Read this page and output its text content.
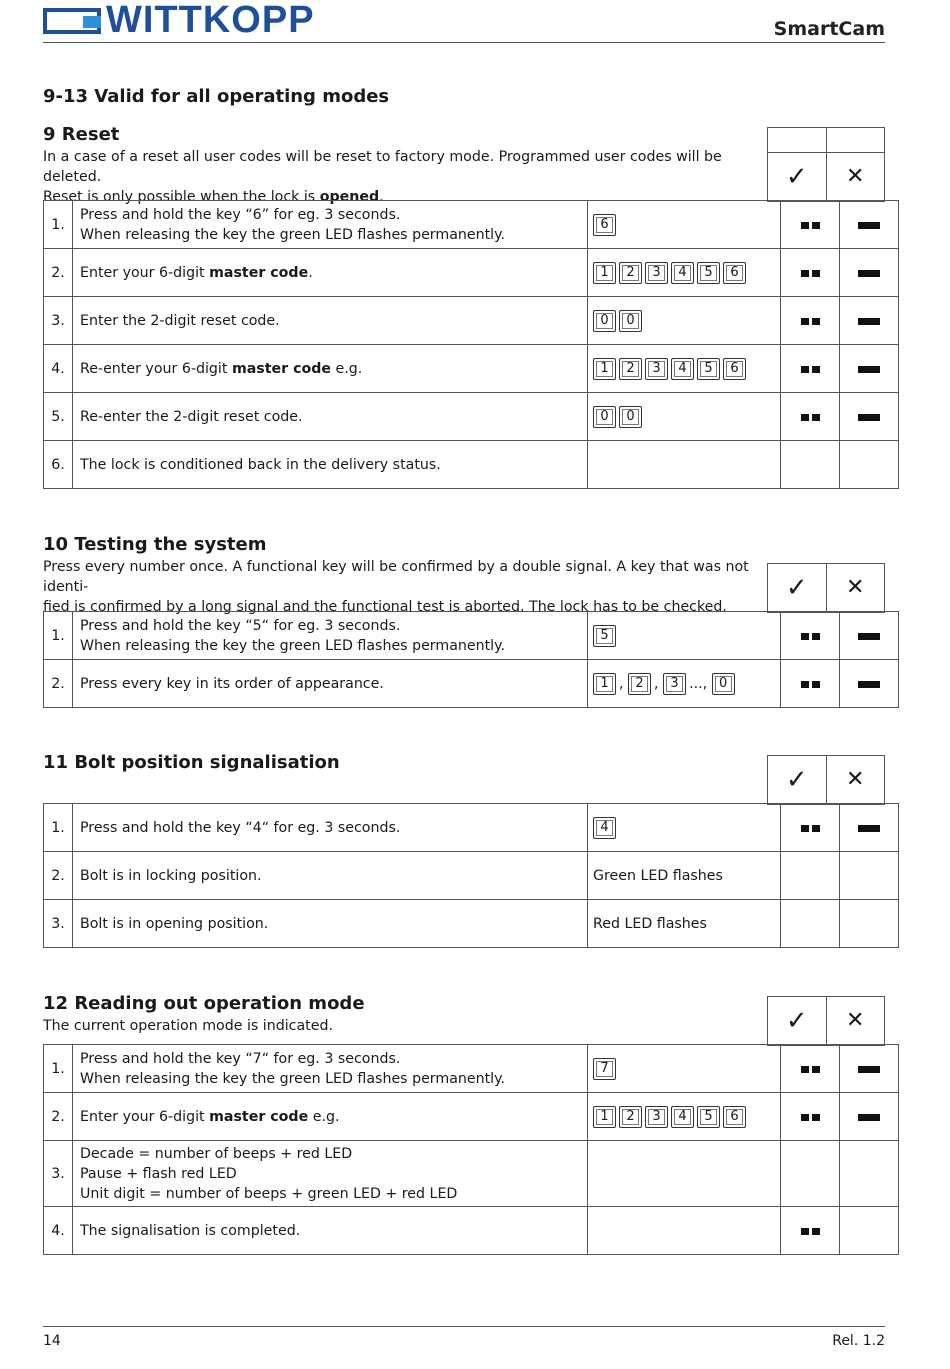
WITTKOPP	SmartCam
9-13 Valid for all operating modes
9 Reset
In a case of a reset all user codes will be reset to factory mode. Programmed user codes will be deleted.
Reset is only possible when the lock is opened.

✓	✕
1.	Press and hold the key “6” for eg. 3 seconds.
When releasing the key the green LED flashes permanently.	6		
2.	Enter your 6-digit master code.	1 2 3 4 5 6		
3.	Enter the 2-digit reset code.	0 0		
4.	Re-enter your 6-digit master code e.g.	1 2 3 4 5 6		
5.	Re-enter the 2-digit reset code.	0 0		
6.	The lock is conditioned back in the delivery status.			
10 Testing the system
Press every number once. A functional key will be confirmed by a double signal. A key that was not identi-
fied is confirmed by a long signal and the functional test is aborted. The lock has to be checked.
✓	✕
1.	Press and hold the key “5“ for eg. 3 seconds.
When releasing the key the green LED flashes permanently.	5		
2.	Press every key in its order of appearance.	1 , 2 , 3 ..., 0		
11 Bolt position signalisation
✓	✕
1.	Press and hold the key “4“ for eg. 3 seconds.	4		
2.	Bolt is in locking position.	Green LED flashes		
3.	Bolt is in opening position.	Red LED flashes		
12 Reading out operation mode
The current operation mode is indicated.	✓	✕
1.	Press and hold the key “7“ for eg. 3 seconds.
When releasing the key the green LED flashes permanently.	7		
2.	Enter your 6-digit master code e.g.	1 2 3 4 5 6		
3.	Decade = number of beeps + red LED
Pause + flash red LED
Unit digit = number of beeps + green LED + red LED			

4.	The signalisation is completed.			
14	Rel. 1.2
